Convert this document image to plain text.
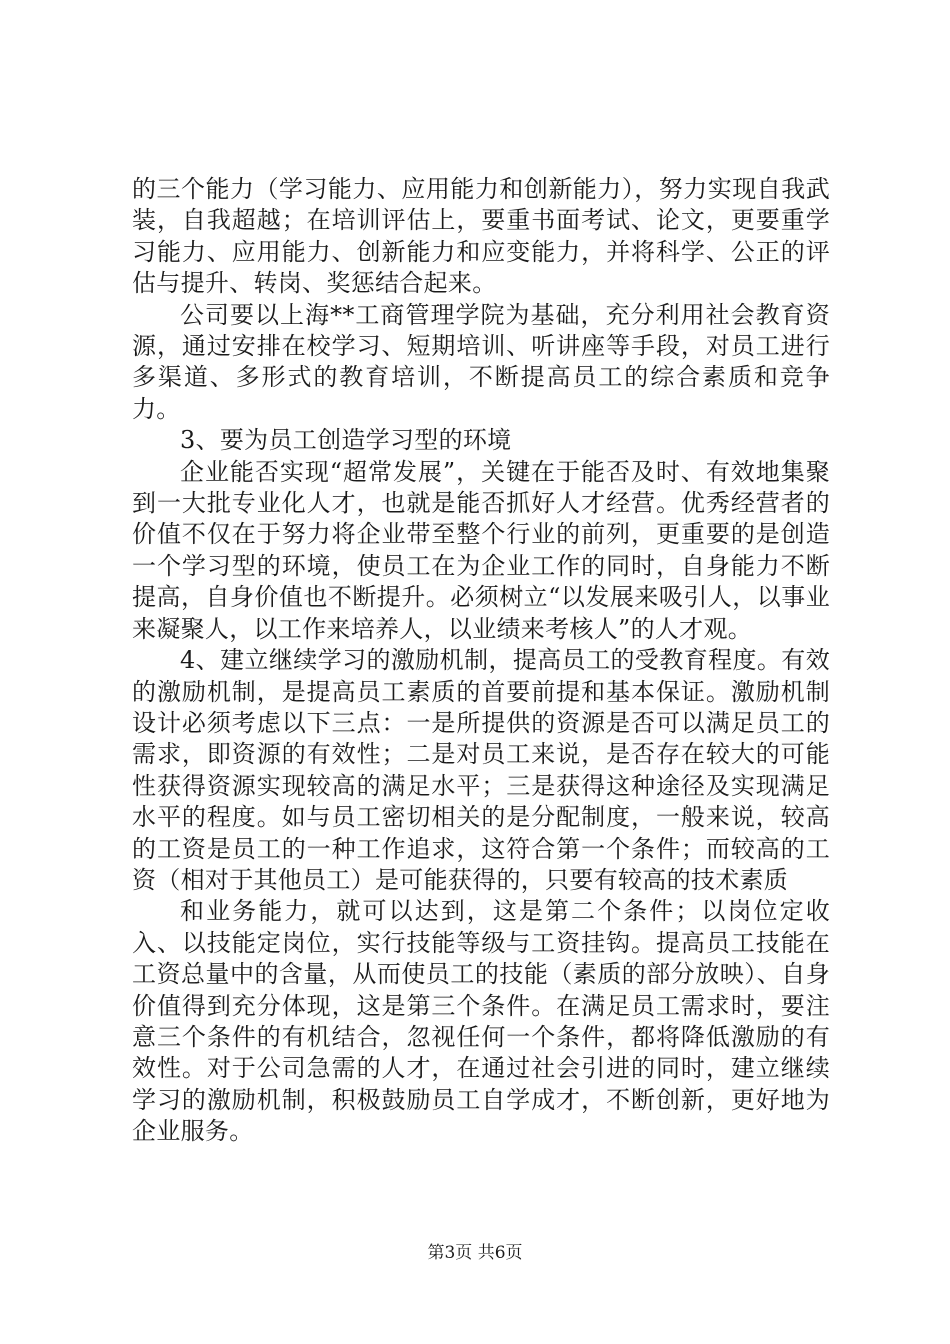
的三个能力（学习能力、应用能力和创新能力），努力实现自我武装，自我超越；在培训评估上，要重书面考试、论文，更要重学习能力、应用能力、创新能力和应变能力，并将科学、公正的评估与提升、转岗、奖惩结合起来。

公司要以上海**工商管理学院为基础，充分利用社会教育资源，通过安排在校学习、短期培训、听讲座等手段，对员工进行多渠道、多形式的教育培训，不断提高员工的综合素质和竞争力。

3、要为员工创造学习型的环境

企业能否实现“超常发展”，关键在于能否及时、有效地集聚到一大批专业化人才，也就是能否抓好人才经营。优秀经营者的价值不仅在于努力将企业带至整个行业的前列，更重要的是创造一个学习型的环境，使员工在为企业工作的同时，自身能力不断提高，自身价值也不断提升。必须树立“以发展来吸引人，以事业来凝聚人，以工作来培养人，以业绩来考核人”的人才观。

4、建立继续学习的激励机制，提高员工的受教育程度。有效的激励机制，是提高员工素质的首要前提和基本保证。激励机制设计必须考虑以下三点：一是所提供的资源是否可以满足员工的需求，即资源的有效性；二是对员工来说，是否存在较大的可能性获得资源实现较高的满足水平；三是获得这种途径及实现满足水平的程度。如与员工密切相关的是分配制度，一般来说，较高的工资是员工的一种工作追求，这符合第一个条件；而较高的工资（相对于其他员工）是可能获得的，只要有较高的技术素质

和业务能力，就可以达到，这是第二个条件；以岗位定收入、以技能定岗位，实行技能等级与工资挂钩。提高员工技能在工资总量中的含量，从而使员工的技能（素质的部分放映）、自身价值得到充分体现，这是第三个条件。在满足员工需求时，要注意三个条件的有机结合，忽视任何一个条件，都将降低激励的有效性。对于公司急需的人才，在通过社会引进的同时，建立继续学习的激励机制，积极鼓励员工自学成才，不断创新，更好地为企业服务。

第3页 共6页
